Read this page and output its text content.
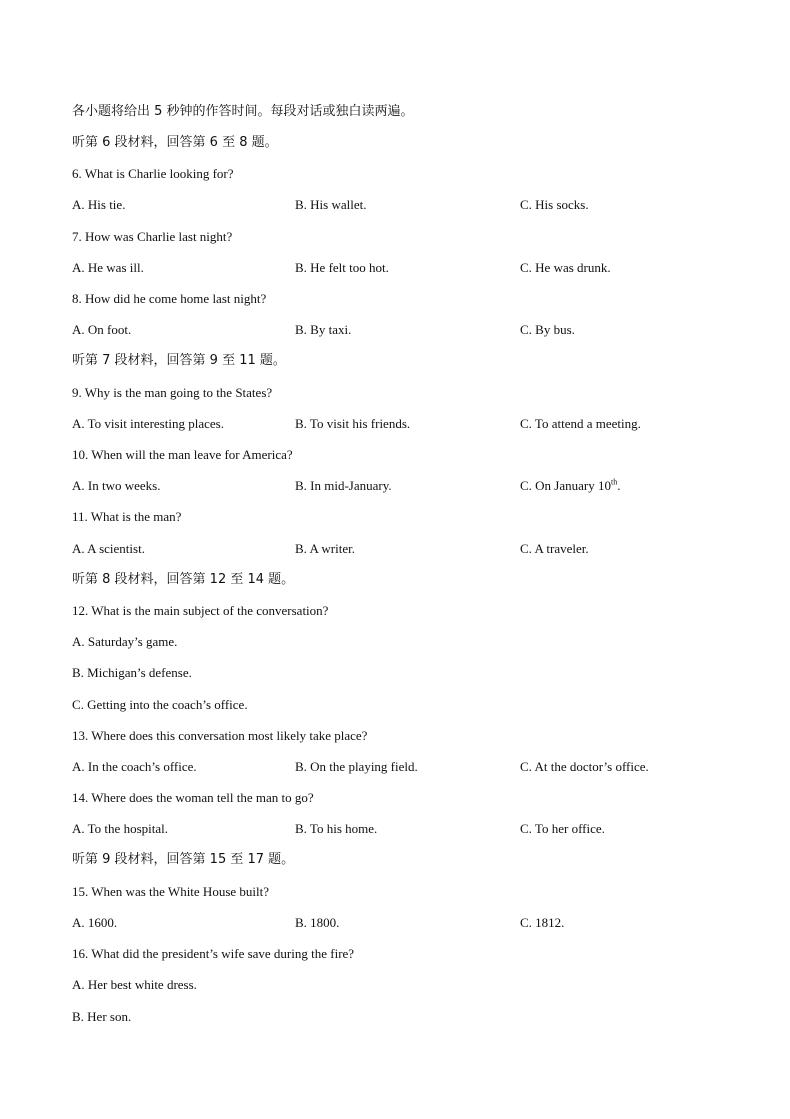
各小题将给出 5 秒钟的作答时间。每段对话或独白读两遍。
听第 6 段材料，回答第 6 至 8 题。
6. What is Charlie looking for?
A. His tie.	B. His wallet.	C. His socks.
7. How was Charlie last night?
A. He was ill.	B. He felt too hot.	C. He was drunk.
8. How did he come home last night?
A. On foot.	B. By taxi.	C. By bus.
听第 7 段材料，回答第 9 至 11 题。
9. Why is the man going to the States?
A. To visit interesting places.	B. To visit his friends.	C. To attend a meeting.
10. When will the man leave for America?
A. In two weeks.	B. In mid-January.	C. On January 10th.
11. What is the man?
A. A scientist.	B. A writer.	C. A traveler.
听第 8 段材料，回答第 12 至 14 题。
12. What is the main subject of the conversation?
A. Saturday’s game.
B. Michigan’s defense.
C. Getting into the coach’s office.
13. Where does this conversation most likely take place?
A. In the coach’s office.	B. On the playing field.	C. At the doctor’s office.
14. Where does the woman tell the man to go?
A. To the hospital.	B. To his home.	C. To her office.
听第 9 段材料，回答第 15 至 17 题。
15. When was the White House built?
A. 1600.	B. 1800.	C. 1812.
16. What did the president’s wife save during the fire?
A. Her best white dress.
B. Her son.
